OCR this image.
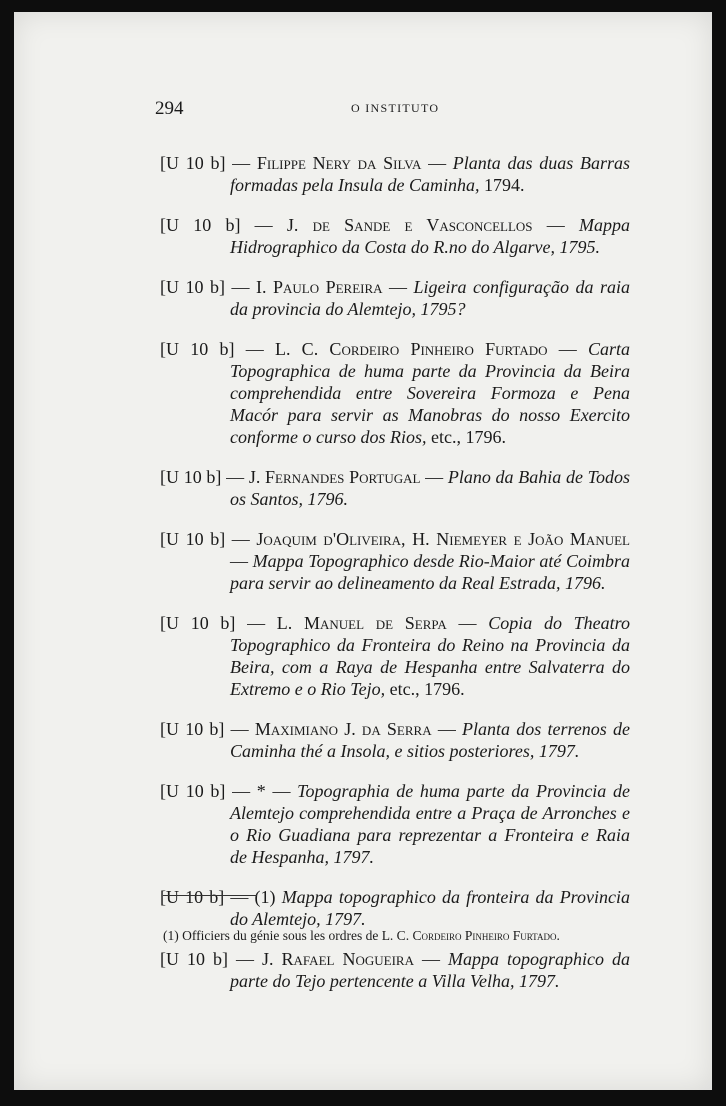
294	O INSTITUTO

[U 10 b] — Filippe Nery da Silva — Planta das duas Barras formadas pela Insula de Caminha, 1794.

[U 10 b] — J. de Sande e Vasconcellos — Mappa Hidrographico da Costa do R.no do Algarve, 1795.

[U 10 b] — I. Paulo Pereira — Ligeira configuração da raia da provincia do Alemtejo, 1795?

[U 10 b] — L. C. Cordeiro Pinheiro Furtado — Carta Topographica de huma parte da Provincia da Beira comprehendida entre Sovereira Formoza e Pena Macór para servir as Manobras do nosso Exercito conforme o curso dos Rios, etc., 1796.

[U 10 b] — J. Fernandes Portugal — Plano da Bahia de Todos os Santos, 1796.

[U 10 b] — Joaquim d'Oliveira, H. Niemeyer e João Manuel — Mappa Topographico desde Rio-Maior até Coimbra para servir ao delineamento da Real Estrada, 1796.

[U 10 b] — L. Manuel de Serpa — Copia do Theatro Topographico da Fronteira do Reino na Provincia da Beira, com a Raya de Hespanha entre Salvaterra do Extremo e o Rio Tejo, etc., 1796.

[U 10 b] — Maximiano J. da Serra — Planta dos terrenos de Caminha thé a Insola, e sitios posteriores, 1797.

[U 10 b] — * — Topographia de huma parte da Provincia de Alemtejo comprehendida entre a Praça de Arronches e o Rio Guadiana para reprezentar a Fronteira e Raia de Hespanha, 1797.

[U 10 b] — (1) Mappa topographico da fronteira da Provincia do Alemtejo, 1797.

[U 10 b] — J. Rafael Nogueira — Mappa topographico da parte do Tejo pertencente a Villa Velha, 1797.

(1) Officiers du génie sous les ordres de L. C. Cordeiro Pinheiro Furtado.
